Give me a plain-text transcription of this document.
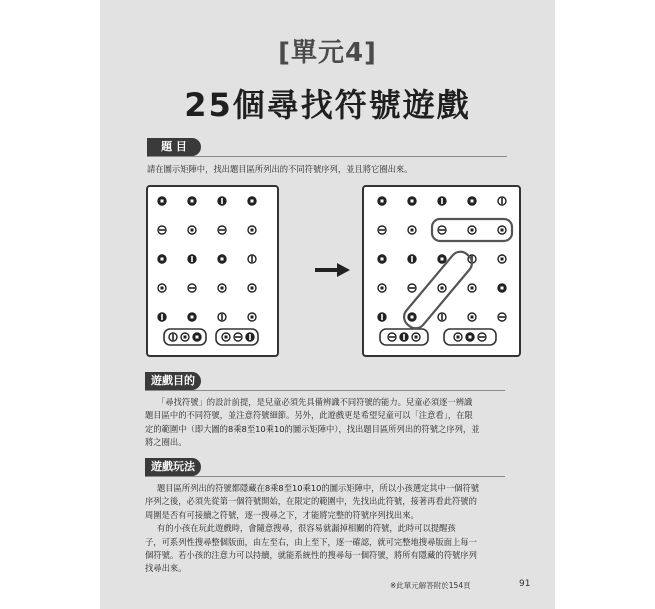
[單元4]
25個尋找符號遊戲
題 目
請在圖示矩陣中，找出題目區所列出的不同符號序列，並且將它圈出來。
遊戲目的
「尋找符號」的設計前提，是兒童必須先具備辨識不同符號的能力。兒童必須逐一辨識
題目區中的不同符號，並注意符號細節。另外，此遊戲更是希望兒童可以「注意看」，在限
定的範圍中（即大圖的8乘8至10乘10的圖示矩陣中），找出題目區所列出的符號之序列，並
將之圈出。
遊戲玩法
題目區所列出的符號都隱藏在8乘8至10乘10的圖示矩陣中，所以小孩選定其中一個符號
序列之後，必須先從第一個符號開始，在限定的範圍中，先找出此符號，接著再看此符號的
周圍是否有可接續之符號，逐一搜尋之下，才能將完整的符號序列找出來。
有的小孩在玩此遊戲時，會隨意搜尋，很容易就漏掉相關的符號，此時可以提醒孩
子，可系列性搜尋整個版面，由左至右，由上至下，逐一確認，就可完整地搜尋版面上每一
個符號。若小孩的注意力可以持續，就能系統性的搜尋每一個符號，將所有隱藏的符號序列
找尋出來。
※此單元解答附於154頁	91
